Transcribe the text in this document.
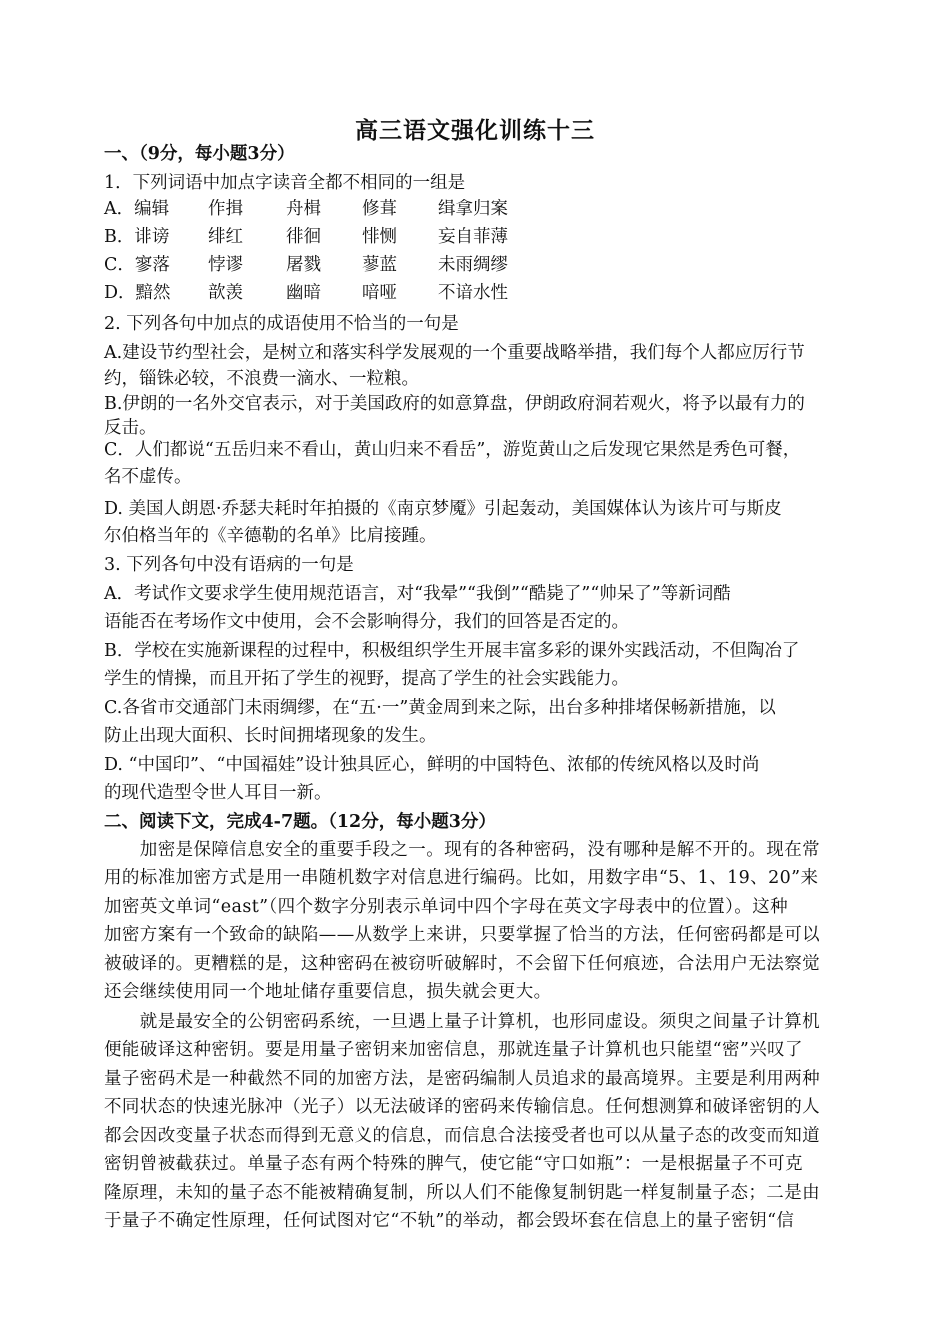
高三语文强化训练十三
一、（9分，每小题3分）
1．下列词语中加点字读音全都不相同的一组是
A．编辑 作揖 舟楫 修葺 缉拿归案
B．诽谤 绯红 徘徊 悱恻 妄自菲薄
C．寥落 悖谬 屠戮 蓼蓝 未雨绸缪
D．黯然 歆羡 幽暗 喑哑 不谙水性
2. 下列各句中加点的成语使用不恰当的一句是
A.建设节约型社会，是树立和落实科学发展观的一个重要战略举措，我们每个人都应厉行节
约，锱铢必较，不浪费一滴水、一粒粮。
B.伊朗的一名外交官表示，对于美国政府的如意算盘，伊朗政府洞若观火，将予以最有力的
反击。
C．人们都说“五岳归来不看山，黄山归来不看岳”，游览黄山之后发现它果然是秀色可餐，
名不虚传。
D. 美国人朗恩·乔瑟夫耗时年拍摄的《南京梦魇》引起轰动，美国媒体认为该片可与斯皮
尔伯格当年的《辛德勒的名单》比肩接踵。
3. 下列各句中没有语病的一句是
A．考试作文要求学生使用规范语言，对“我晕”“我倒”“酷毙了”“帅呆了”等新词酷
语能否在考场作文中使用，会不会影响得分，我们的回答是否定的。
B．学校在实施新课程的过程中，积极组织学生开展丰富多彩的课外实践活动，不但陶冶了
学生的情操，而且开拓了学生的视野，提高了学生的社会实践能力。
C.各省市交通部门未雨绸缪，在“五·一”黄金周到来之际，出台多种排堵保畅新措施，以
防止出现大面积、长时间拥堵现象的发生。
D. “中国印”、“中国福娃”设计独具匠心，鲜明的中国特色、浓郁的传统风格以及时尚
的现代造型令世人耳目一新。
二、阅读下文，完成4-7题。（12分，每小题3分）
　　加密是保障信息安全的重要手段之一。现有的各种密码，没有哪种是解不开的。现在常
用的标准加密方式是用一串随机数字对信息进行编码。比如，用数字串“5、1、19、20”来
加密英文单词“east”（四个数字分别表示单词中四个字母在英文字母表中的位置）。这种
加密方案有一个致命的缺陷——从数学上来讲，只要掌握了恰当的方法，任何密码都是可以
被破译的。更糟糕的是，这种密码在被窃听破解时，不会留下任何痕迹，合法用户无法察觉
还会继续使用同一个地址储存重要信息，损失就会更大。
　　就是最安全的公钥密码系统，一旦遇上量子计算机，也形同虚设。须臾之间量子计算机
便能破译这种密钥。要是用量子密钥来加密信息，那就连量子计算机也只能望“密”兴叹了
量子密码术是一种截然不同的加密方法，是密码编制人员追求的最高境界。主要是利用两种
不同状态的快速光脉冲（光子）以无法破译的密码来传输信息。任何想测算和破译密钥的人
都会因改变量子状态而得到无意义的信息，而信息合法接受者也可以从量子态的改变而知道
密钥曾被截获过。单量子态有两个特殊的脾气，使它能“守口如瓶”：一是根据量子不可克
隆原理，未知的量子态不能被精确复制，所以人们不能像复制钥匙一样复制量子态；二是由
于量子不确定性原理，任何试图对它“不轨”的举动，都会毁坏套在信息上的量子密钥“信
